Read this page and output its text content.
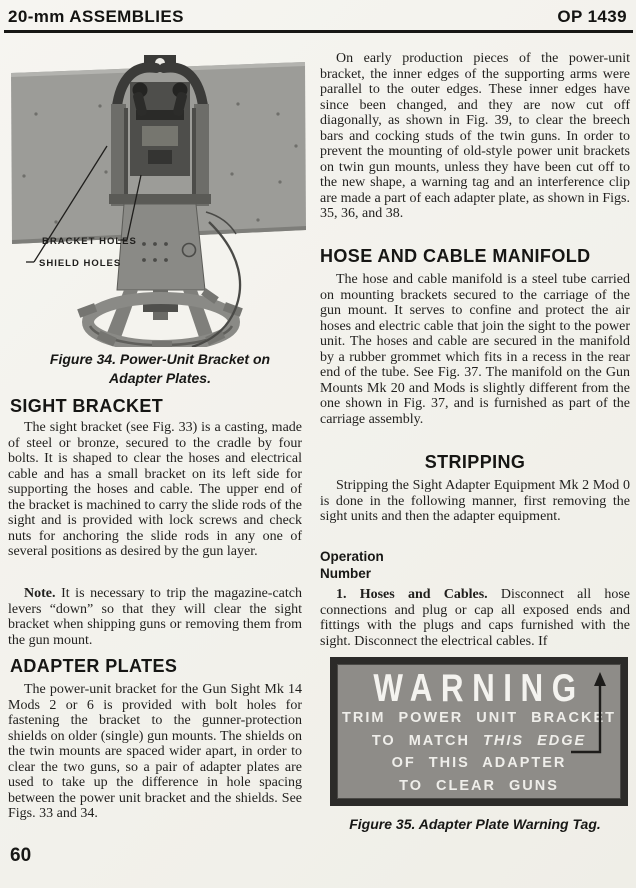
20-mm ASSEMBLIES	OP 1439
BRACKET HOLES
SHIELD HOLES
Figure 34. Power-Unit Bracket on
Adapter Plates.
SIGHT BRACKET
The sight bracket (see Fig. 33) is a casting, made of steel or bronze, secured to the cradle by four bolts. It is shaped to clear the hoses and electrical cable and has a small bracket on its left side for supporting the hoses and cable. The upper end of the bracket is machined to carry the slide rods of the sight and is provided with lock screws and check nuts for anchoring the slide rods in any one of several positions as desired by the gun layer.
Note. It is necessary to trip the magazine-catch levers “down” so that they will clear the sight bracket when shipping guns or removing them from the gun mount.
ADAPTER PLATES
The power-unit bracket for the Gun Sight Mk 14 Mods 2 or 6 is provided with bolt holes for fastening the bracket to the gunner-protection shields on older (single) gun mounts. The shields on the twin mounts are spaced wider apart, in order to clear the two guns, so a pair of adapter plates are used to take up the difference in hole spacing between the power unit bracket and the shields. See Figs. 33 and 34.
60
On early production pieces of the power-unit bracket, the inner edges of the supporting arms were parallel to the outer edges. These inner edges have since been changed, and they are now cut off diagonally, as shown in Fig. 39, to clear the breech bars and cocking studs of the twin guns. In order to prevent the mounting of old-style power unit brackets on twin gun mounts, unless they have been cut off to the new shape, a warning tag and an interference clip are made a part of each adapter plate, as shown in Figs. 35, 36, and 38.
HOSE AND CABLE MANIFOLD
The hose and cable manifold is a steel tube carried on mounting brackets secured to the carriage of the gun mount. It serves to confine and protect the air hoses and electric cable that join the sight to the power unit. The hoses and cable are secured in the manifold by a rubber grommet which fits in a recess in the rear end of the tube. See Fig. 37. The manifold on the Gun Mounts Mk 20 and Mods is slightly different from the one shown in Fig. 37, and is furnished as part of the carriage assembly.
STRIPPING
Stripping the Sight Adapter Equipment Mk 2 Mod 0 is done in the following manner, first removing the sight units and then the adapter equipment.
Operation
Number
1. Hoses and Cables. Disconnect all hose connections and plug or cap all exposed ends and fittings with the plugs and caps furnished with the sight. Disconnect the electrical cables. If
WARNING
TRIM POWER UNIT BRACKET
TO MATCH THIS EDGE
OF THIS ADAPTER
TO CLEAR GUNS
Figure 35. Adapter Plate Warning Tag.
